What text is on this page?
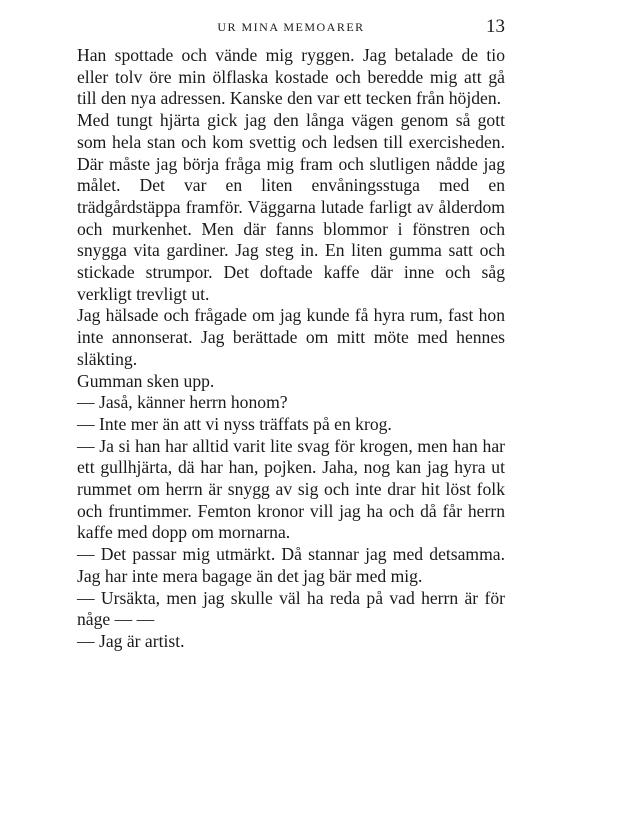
UR MINA MEMOARER	13

Han spottade och vände mig ryggen. Jag betalade de tio eller tolv öre min ölflaska kostade och beredde mig att gå till den nya adressen. Kanske den var ett tecken från höjden.

Med tungt hjärta gick jag den långa vägen genom så gott som hela stan och kom svettig och ledsen till exercisheden. Där måste jag börja fråga mig fram och slutligen nådde jag målet. Det var en liten envåningsstuga med en trädgårdstäppa framför. Väggarna lutade farligt av ålderdom och murkenhet. Men där fanns blommor i fönstren och snygga vita gardiner. Jag steg in. En liten gumma satt och stickade strumpor. Det doftade kaffe där inne och såg verkligt trevligt ut.

Jag hälsade och frågade om jag kunde få hyra rum, fast hon inte annonserat. Jag berättade om mitt möte med hennes släkting.

Gumman sken upp.

— Jaså, känner herrn honom?

— Inte mer än att vi nyss träffats på en krog.

— Ja si han har alltid varit lite svag för krogen, men han har ett gullhjärta, dä har han, pojken. Jaha, nog kan jag hyra ut rummet om herrn är snygg av sig och inte drar hit löst folk och fruntimmer. Femton kronor vill jag ha och då får herrn kaffe med dopp om mornarna.

— Det passar mig utmärkt. Då stannar jag med detsamma. Jag har inte mera bagage än det jag bär med mig.

— Ursäkta, men jag skulle väl ha reda på vad herrn är för någe — —

— Jag är artist.
